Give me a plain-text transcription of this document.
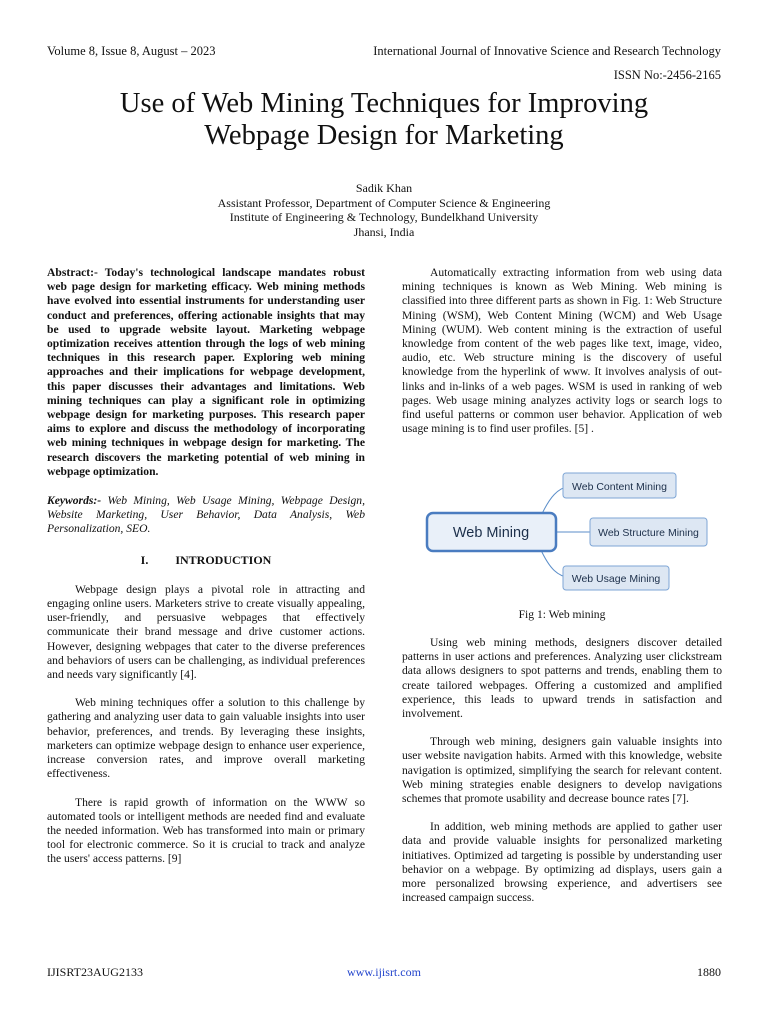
Volume 8, Issue 8, August – 2023	International Journal of Innovative Science and Research Technology
ISSN No:-2456-2165
Use of Web Mining Techniques for Improving
Webpage Design for Marketing
Sadik Khan
Assistant Professor, Department of Computer Science & Engineering
Institute of Engineering & Technology, Bundelkhand University
Jhansi, India

Abstract:- Today's technological landscape mandates robust web page design for marketing efficacy. Web mining methods have evolved into essential instruments for understanding user conduct and preferences, offering actionable insights that may be used to upgrade website layout. Marketing webpage optimization receives attention through the logs of web mining techniques in this research paper. Exploring web mining approaches and their implications for webpage development, this paper discusses their advantages and limitations. Web mining techniques can play a significant role in optimizing webpage design for marketing purposes. This research paper aims to explore and discuss the methodology of incorporating web mining techniques in webpage design for marketing. The research discovers the marketing potential of web mining in webpage optimization.

Keywords:- Web Mining, Web Usage Mining, Webpage Design, Website Marketing, User Behavior, Data Analysis, Web Personalization, SEO.

I. INTRODUCTION

Webpage design plays a pivotal role in attracting and engaging online users. Marketers strive to create visually appealing, user-friendly, and persuasive webpages that effectively communicate their brand message and drive customer actions. However, designing webpages that cater to the diverse preferences and behaviors of users can be challenging, as individual preferences and needs vary significantly [4].

Web mining techniques offer a solution to this challenge by gathering and analyzing user data to gain valuable insights into user behavior, preferences, and trends. By leveraging these insights, marketers can optimize webpage design to enhance user experience, increase conversion rates, and improve overall marketing effectiveness.

There is rapid growth of information on the WWW so automated tools or intelligent methods are needed find and evaluate the needed information. Web has transformed into main or primary tool for electronic commerce. So it is crucial to track and analyze the users' access patterns. [9]

Automatically extracting information from web using data mining techniques is known as Web Mining. Web mining is classified into three different parts as shown in Fig. 1: Web Structure Mining (WSM), Web Content Mining (WCM) and Web Usage Mining (WUM). Web content mining is the extraction of useful knowledge from content of the web pages like text, image, video, audio, etc. Web structure mining is the discovery of useful knowledge from the hyperlink of www. It involves analysis of out-links and in-links of a web pages. WSM is used in ranking of web pages. Web usage mining analyzes activity logs or search logs to find useful patterns or common user behavior. Application of web usage mining is to find user profiles. [5] .

Web Mining
Web Content Mining
Web Structure Mining
Web Usage Mining
Fig 1: Web mining

Using web mining methods, designers discover detailed patterns in user actions and preferences. Analyzing user clickstream data allows designers to spot patterns and trends, enabling them to create tailored webpages. Offering a customized and amplified experience, this leads to upward trends in satisfaction and involvement.

Through web mining, designers gain valuable insights into user website navigation habits. Armed with this knowledge, website navigation is optimized, simplifying the search for relevant content. Web mining strategies enable designers to develop navigations schemes that promote usability and decrease bounce rates [7].

In addition, web mining methods are applied to gather user data and provide valuable insights for personalized marketing initiatives. Optimized ad targeting is possible by understanding user behavior on a webpage. By optimizing ad displays, users gain a more personalized browsing experience, and advertisers see increased campaign success.

IJISRT23AUG2133	www.ijisrt.com	1880
